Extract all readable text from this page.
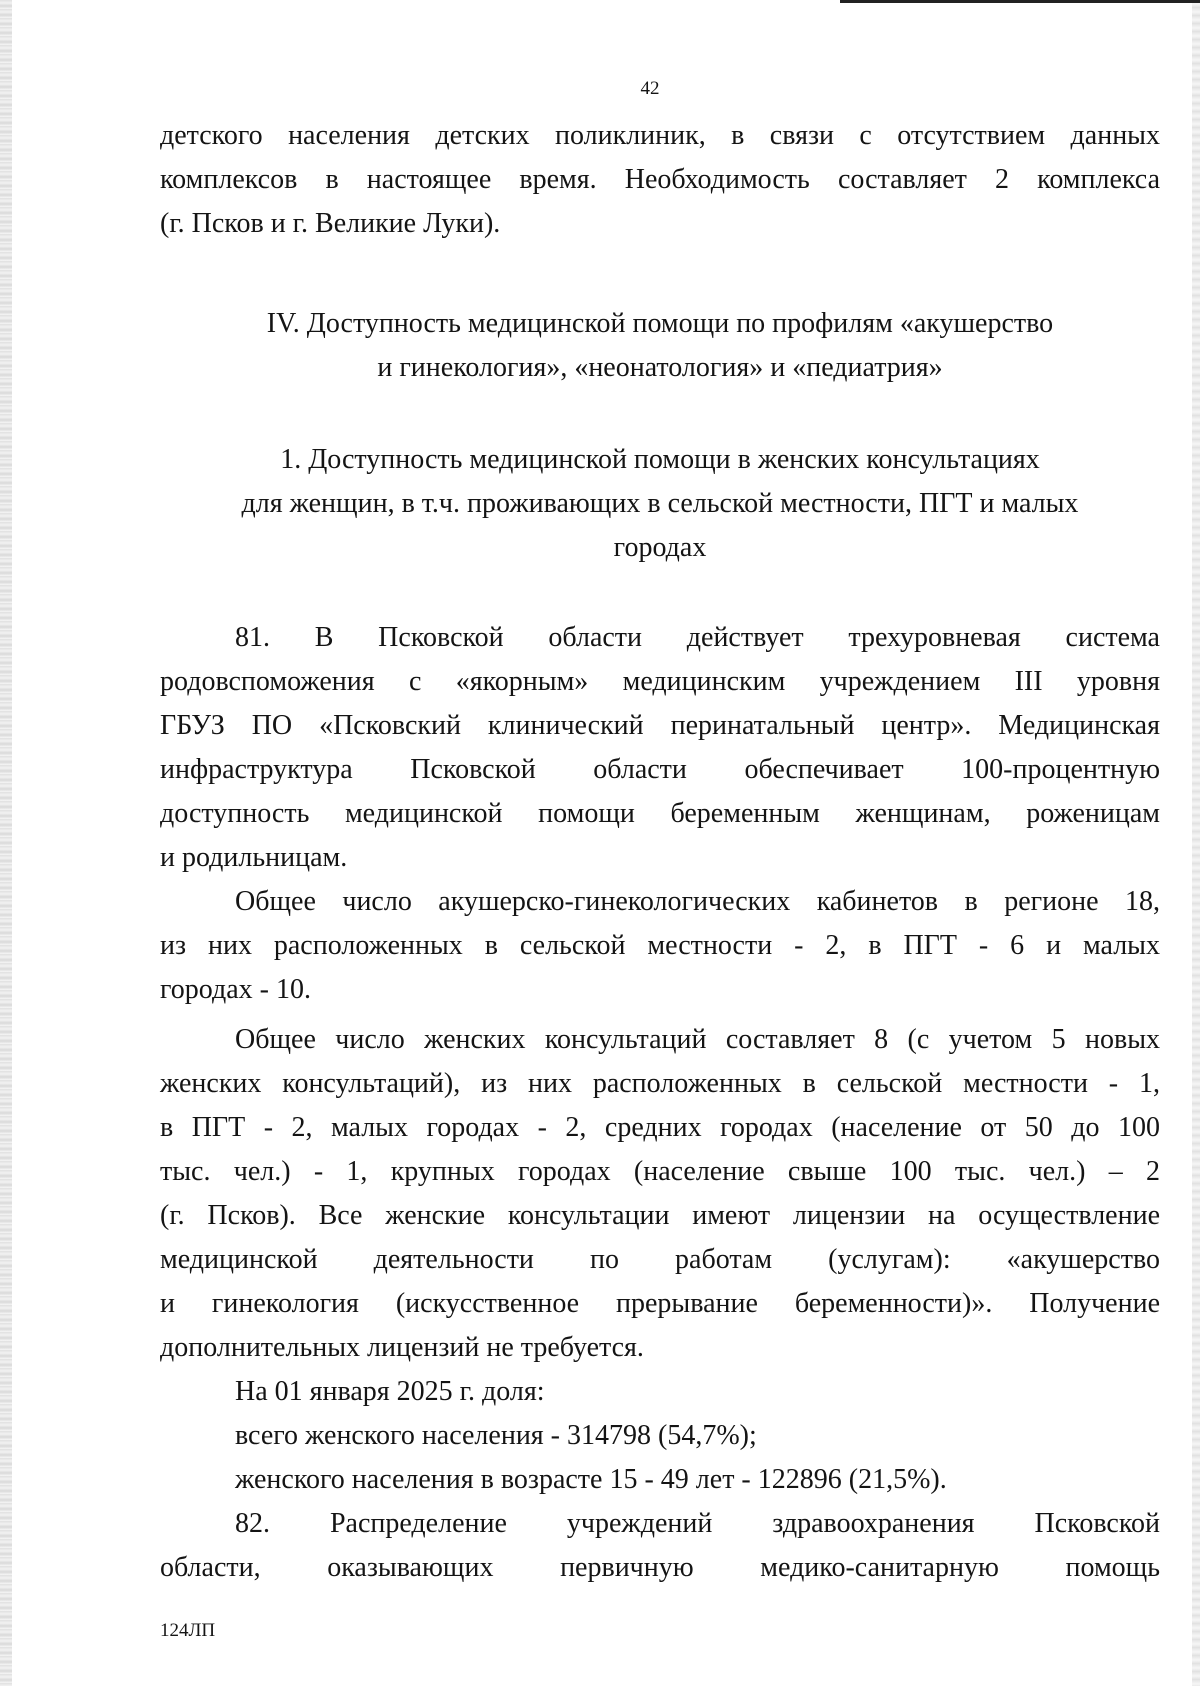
42
детского населения детских поликлиник, в связи с отсутствием данных
комплексов в настоящее время. Необходимость составляет 2 комплекса
(г. Псков и г. Великие Луки).
IV. Доступность медицинской помощи по профилям «акушерство
и гинекология», «неонатология» и «педиатрия»
1. Доступность медицинской помощи в женских консультациях
для женщин, в т.ч. проживающих в сельской местности, ПГТ и малых
городах
81. В Псковской области действует трехуровневая система
родовспоможения с «якорным» медицинским учреждением III уровня
ГБУЗ ПО «Псковский клинический перинатальный центр». Медицинская
инфраструктура Псковской области обеспечивает 100-процентную
доступность медицинской помощи беременным женщинам, роженицам
и родильницам.
Общее число акушерско-гинекологических кабинетов в регионе 18,
из них расположенных в сельской местности - 2, в ПГТ - 6 и малых
городах - 10.
Общее число женских консультаций составляет 8 (с учетом 5 новых
женских консультаций), из них расположенных в сельской местности - 1,
в ПГТ - 2, малых городах - 2, средних городах (население от 50 до 100
тыс. чел.) - 1, крупных городах (население свыше 100 тыс. чел.) – 2
(г. Псков). Все женские консультации имеют лицензии на осуществление
медицинской деятельности по работам (услугам): «акушерство
и гинекология (искусственное прерывание беременности)». Получение
дополнительных лицензий не требуется.
На 01 января 2025 г. доля:
всего женского населения - 314798 (54,7%);
женского населения в возрасте 15 - 49 лет - 122896 (21,5%).
82. Распределение учреждений здравоохранения Псковской
области, оказывающих первичную медико-санитарную помощь
124ЛП
